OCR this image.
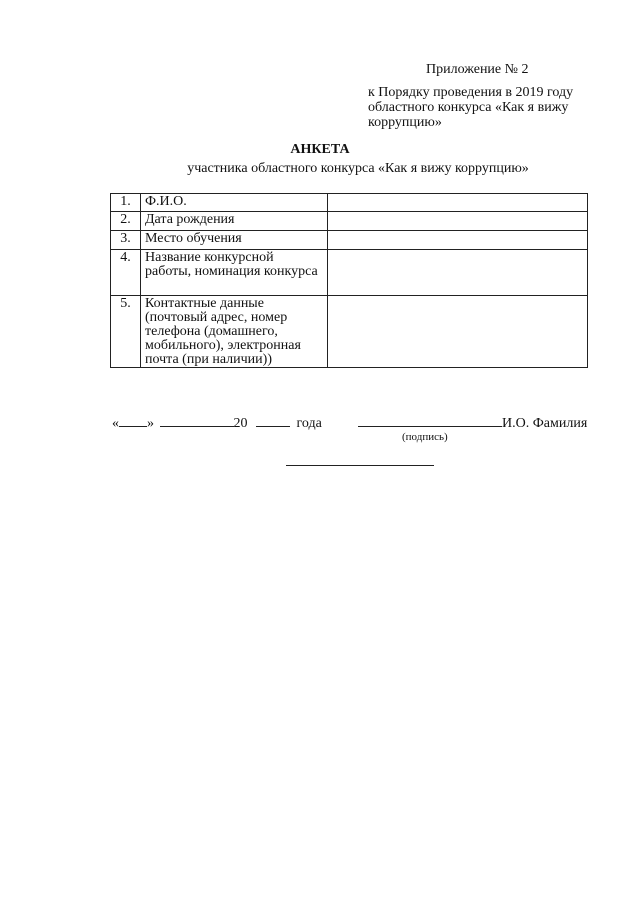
Приложение № 2
к Порядку проведения в 2019 году
областного конкурса «Как я вижу
коррупцию»
АНКЕТА
участника областного конкурса «Как я вижу коррупцию»
1.	Ф.И.О.	
2.	Дата рождения	
3.	Место обучения	
4.	Название конкурсной работы, номинация конкурса	
5.	Контактные данные (почтовый адрес, номер телефона (домашнего, мобильного), электронная почта (при наличии))	
« »	20	года	И.О. Фамилия
(подпись)
